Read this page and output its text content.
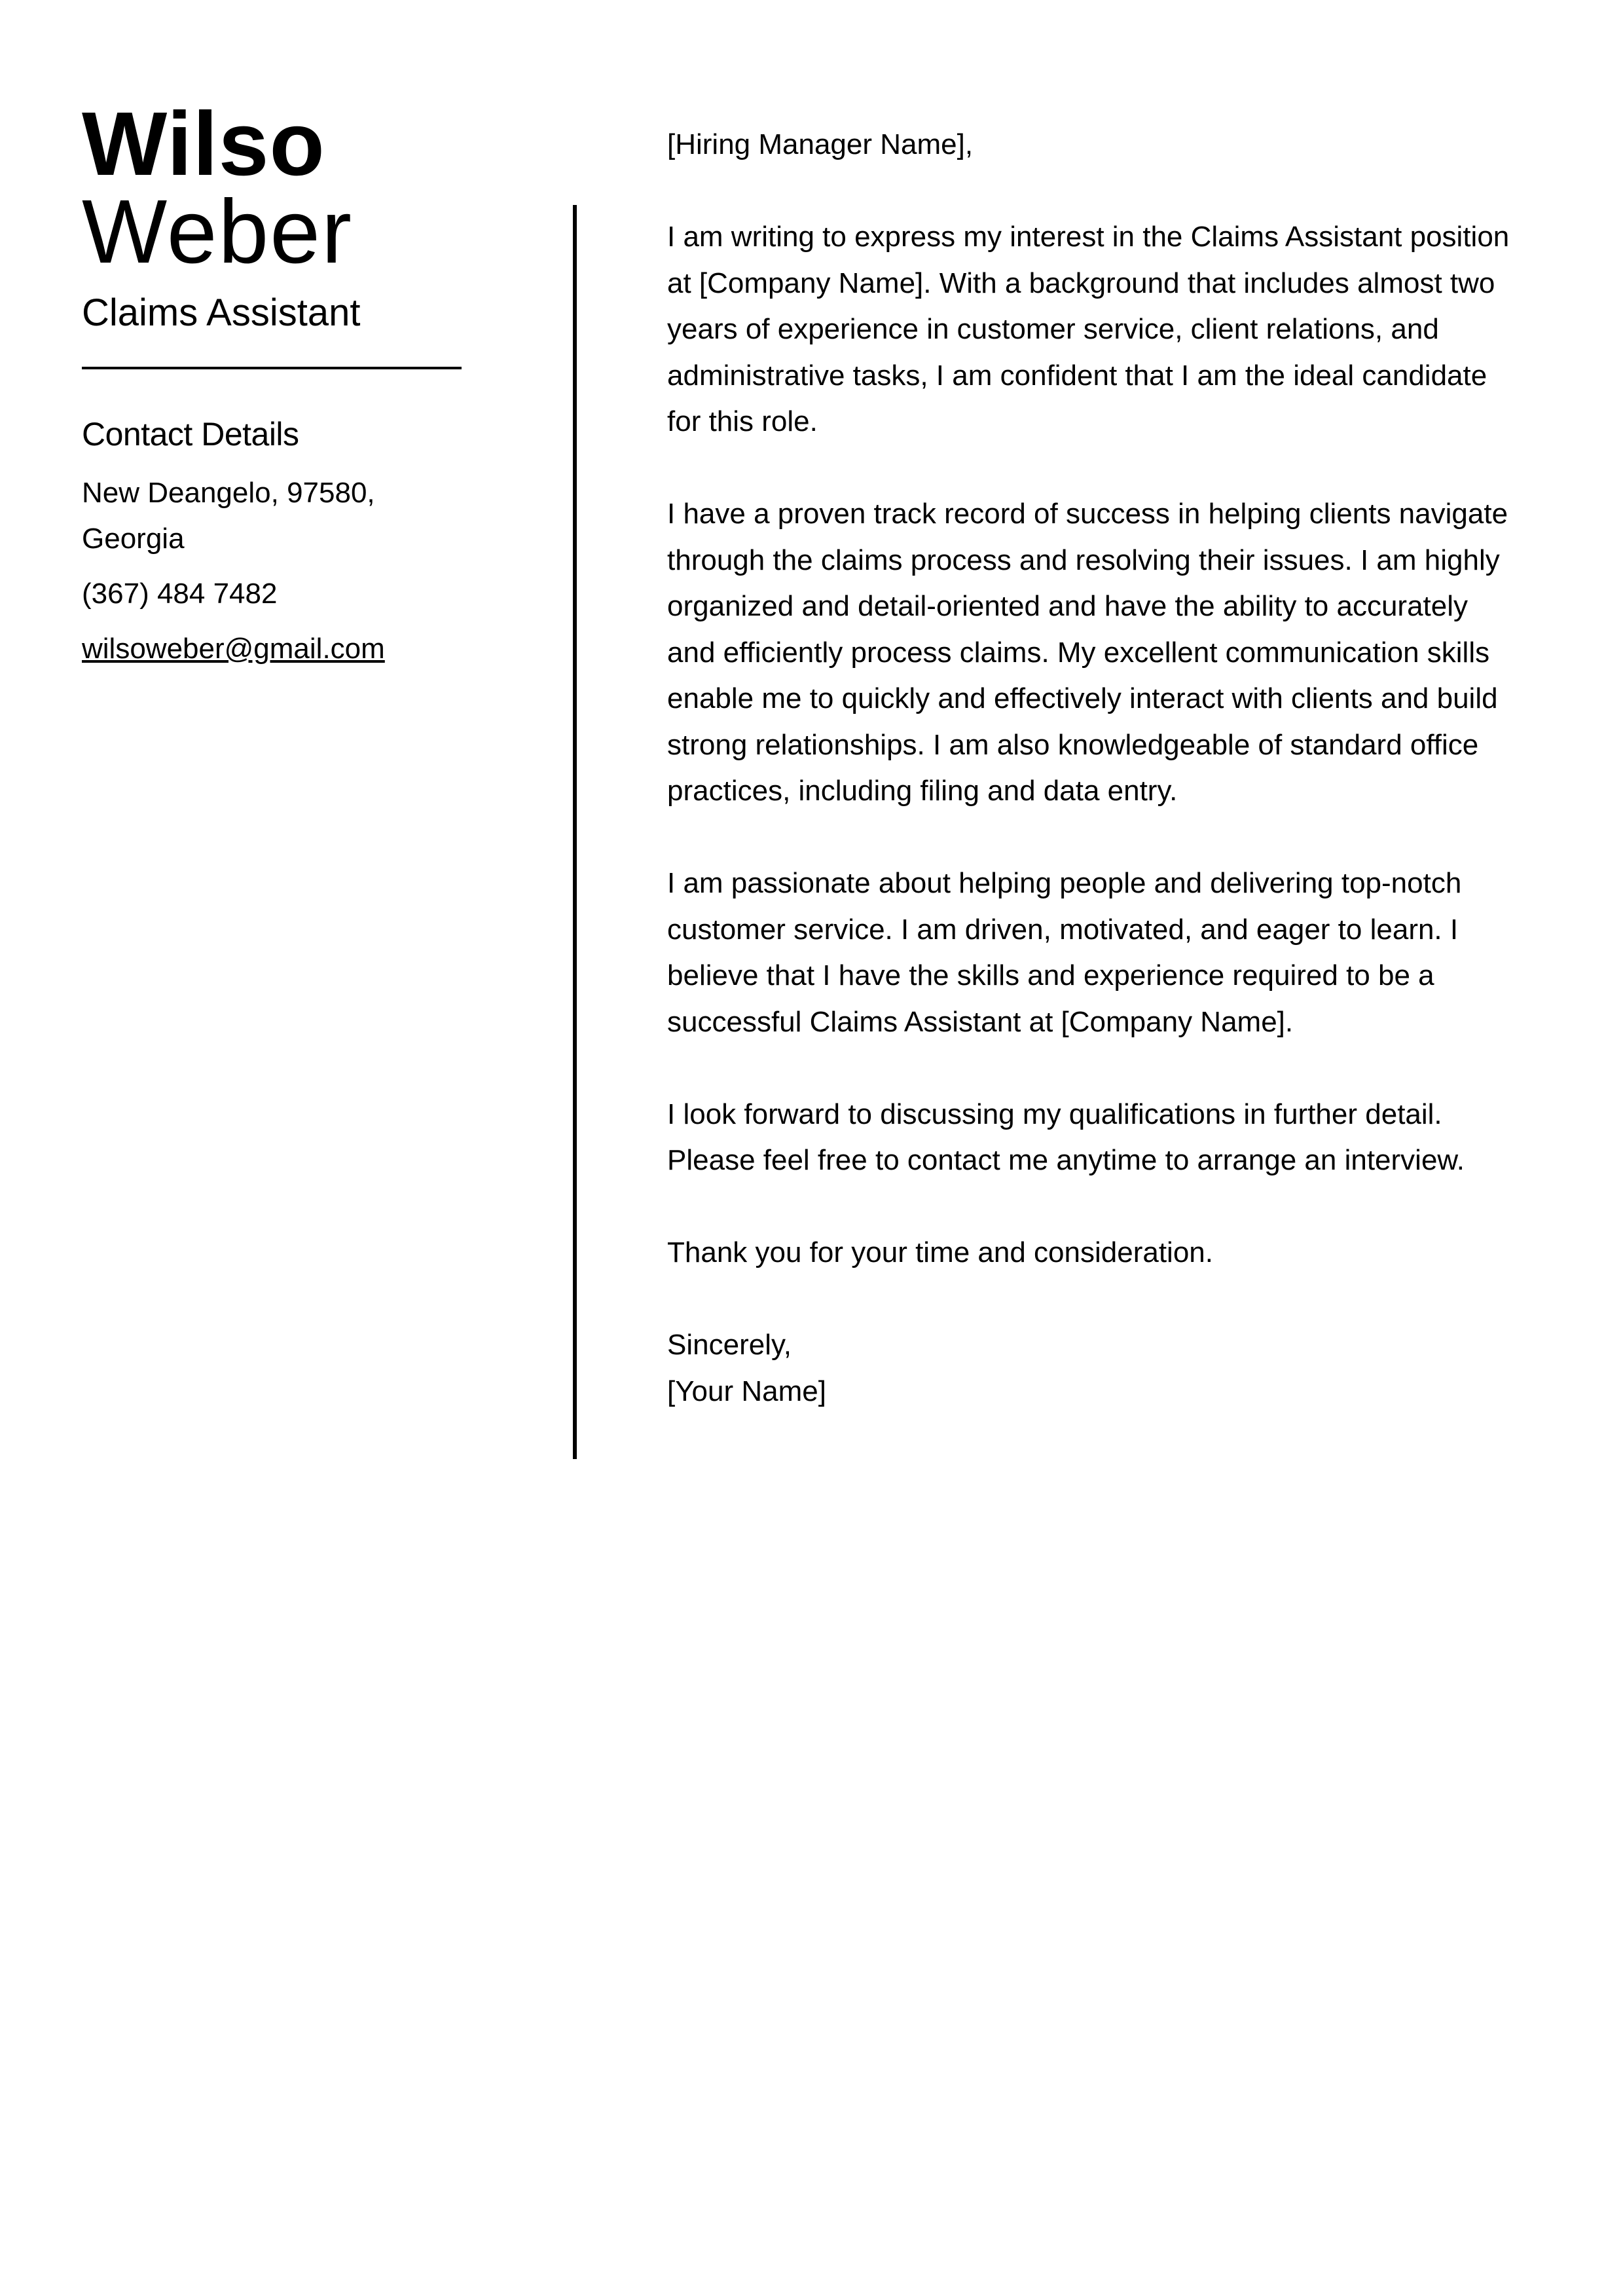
Wilso
Weber
Claims Assistant
Contact Details
New Deangelo, 97580, Georgia
(367) 484 7482
wilsoweber@gmail.com

[Hiring Manager Name],

I am writing to express my interest in the Claims Assistant position at [Company Name]. With a background that includes almost two years of experience in customer service, client relations, and administrative tasks, I am confident that I am the ideal candidate for this role.

I have a proven track record of success in helping clients navigate through the claims process and resolving their issues. I am highly organized and detail-oriented and have the ability to accurately and efficiently process claims. My excellent communication skills enable me to quickly and effectively interact with clients and build strong relationships. I am also knowledgeable of standard office practices, including filing and data entry.

I am passionate about helping people and delivering top-notch customer service. I am driven, motivated, and eager to learn. I believe that I have the skills and experience required to be a successful Claims Assistant at [Company Name].

I look forward to discussing my qualifications in further detail. Please feel free to contact me anytime to arrange an interview.

Thank you for your time and consideration.

Sincerely,
[Your Name]
